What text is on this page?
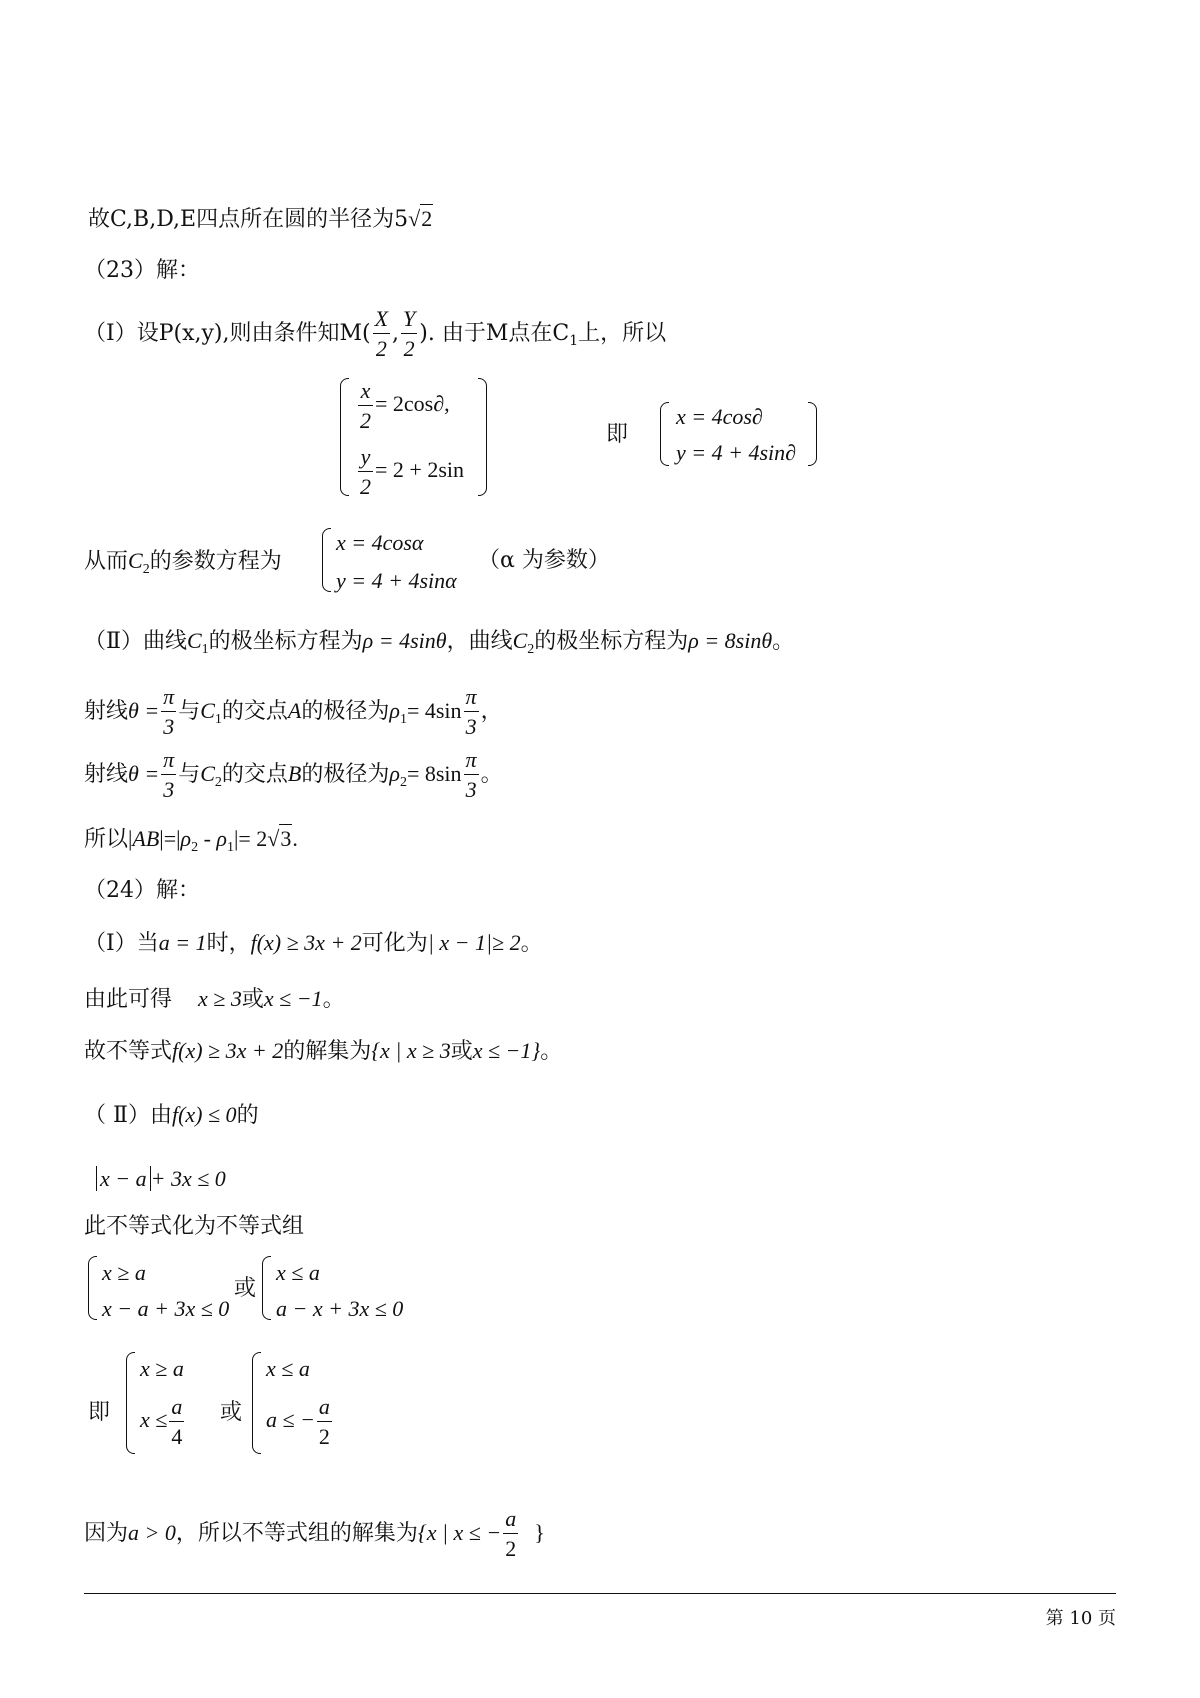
故C,B,D,E四点所在圆的半径为5√2
（23）解：
（I）设P(x,y),则由条件知$M( \frac{X}{2}$ , $\frac{Y}{2}$ ). 由于M点在$C_1$上，所以
$\frac{x}{2} = 2\cos\partial$,
$\frac{y}{2} = 2 + 2\sin$
即
x = 4cos∂
y = 4 + 4sin∂
从而$C_2$的参数方程为
x = 4cosα
y = 4 + 4sinα
（α 为参数）
（Ⅱ）曲线$C_1$的极坐标方程为ρ = 4sinθ，曲线$C_2$的极坐标方程为ρ = 8sinθ。
射线$\theta = \frac{\pi}{3}$ 与$C_1$的交点A的极径为$\rho_1= 4\sin \frac{\pi}{3}$ ，
射线$\theta = \frac{\pi}{3}$ 与$C_2$的交点B的极径为$\rho_2= 8\sin \frac{\pi}{3}$ 。
所以$|AB|=|\rho_2 - \rho_1|= 2√3$.
（24）解：
（Ⅰ）当a = 1时，f(x) ≥ 3x + 2可化为| x − 1|≥ 2。
由此可得 x ≥ 3或x ≤ −1。
故不等式f(x) ≥ 3x + 2的解集为{x | x ≥ 3或x ≤ −1}。
（ Ⅱ）由f(x) ≤ 0的
x − a + 3x ≤ 0
此不等式化为不等式组
x ≥ a
x − a + 3x ≤ 0
或
x ≤ a
a − x + 3x ≤ 0
即
x ≥ a
$x \le \frac{a}{4}$ 或
x ≤ a
a ≤ − $\frac{a}{2}$
因为a > 0，所以不等式组的解集为{x | x ≤ − $\frac{a}{2}$ }
第 10 页
